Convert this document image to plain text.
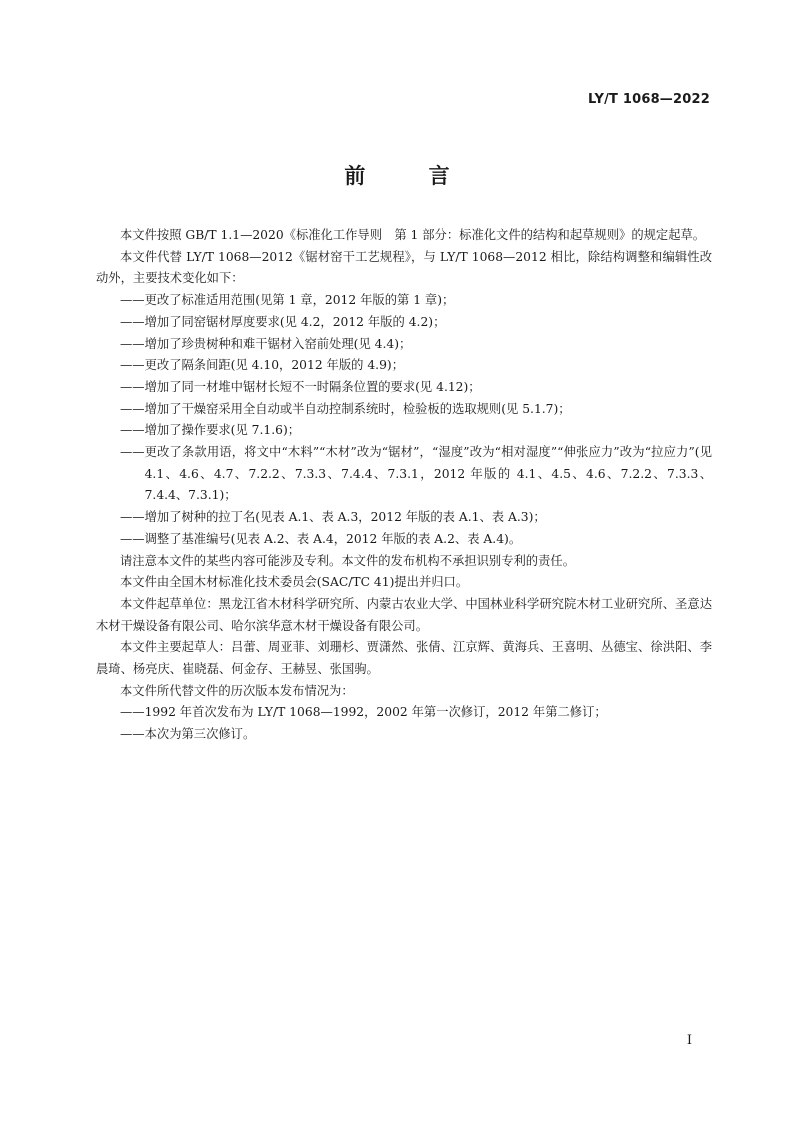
LY/T 1068—2022
前 言

本文件按照 GB/T 1.1—2020《标准化工作导则　第 1 部分：标准化文件的结构和起草规则》的规定起草。

本文件代替 LY/T 1068—2012《锯材窑干工艺规程》，与 LY/T 1068—2012 相比，除结构调整和编辑性改动外，主要技术变化如下：

—— 更改了标准适用范围(见第 1 章，2012 年版的第 1 章)；
—— 增加了同窑锯材厚度要求(见 4.2，2012 年版的 4.2)；
—— 增加了珍贵树种和难干锯材入窑前处理(见 4.4)；
—— 更改了隔条间距(见 4.10，2012 年版的 4.9)；
—— 增加了同一材堆中锯材长短不一时隔条位置的要求(见 4.12)；
—— 增加了干燥窑采用全自动或半自动控制系统时，检验板的选取规则(见 5.1.7)；
—— 增加了操作要求(见 7.1.6)；
—— 更改了条款用语，将文中“木料”“木材”改为“锯材”，“湿度”改为“相对湿度”“伸张应力”改为“拉应力”(见 4.1、4.6、4.7、7.2.2、7.3.3、7.4.4、7.3.1，2012 年版的 4.1、4.5、4.6、7.2.2、7.3.3、7.4.4、7.3.1)；
—— 增加了树种的拉丁名(见表 A.1、表 A.3，2012 年版的表 A.1、表 A.3)；
—— 调整了基准编号(见表 A.2、表 A.4，2012 年版的表 A.2、表 A.4)。

请注意本文件的某些内容可能涉及专利。本文件的发布机构不承担识别专利的责任。

本文件由全国木材标准化技术委员会(SAC/TC 41)提出并归口。

本文件起草单位：黑龙江省木材科学研究所、内蒙古农业大学、中国林业科学研究院木材工业研究所、圣意达木材干燥设备有限公司、哈尔滨华意木材干燥设备有限公司。

本文件主要起草人：吕蕾、周亚菲、刘珊杉、贾潇然、张倩、江京辉、黄海兵、王喜明、丛德宝、徐洪阳、李晨琦、杨亮庆、崔晓磊、何金存、王赫昱、张国驹。

本文件所代替文件的历次版本发布情况为：

—— 1992 年首次发布为 LY/T 1068—1992，2002 年第一次修订，2012 年第二修订；
—— 本次为第三次修订。
I
